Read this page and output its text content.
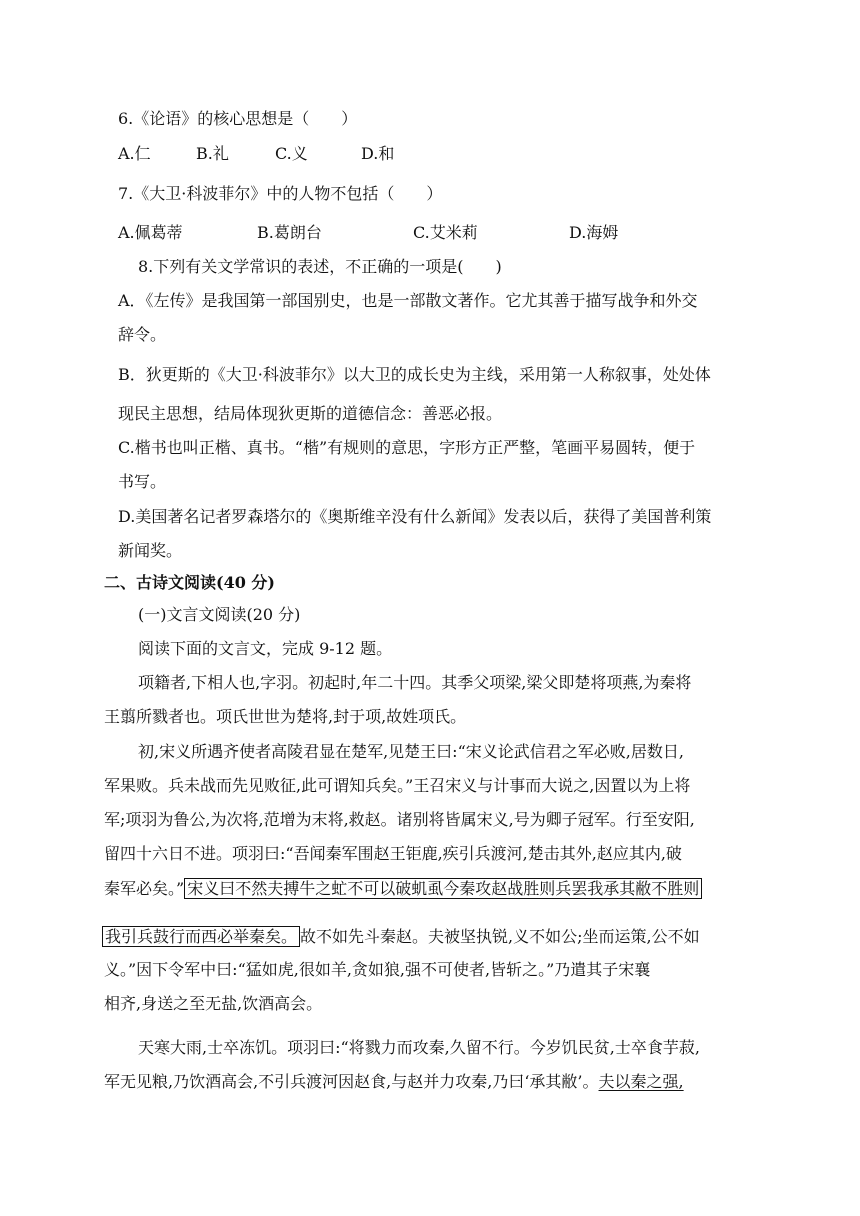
6.《论语》的核心思想是（　　）
A.仁	B.礼	C.义	D.和
7.《大卫·科波菲尔》中的人物不包括（　　）
A.佩葛蒂	B.葛朗台	C.艾米莉	D.海姆
8.下列有关文学常识的表述，不正确的一项是(　　)
A．《左传》是我国第一部国别史，也是一部散文著作。它尤其善于描写战争和外交
辞令。
B．狄更斯的《大卫·科波菲尔》以大卫的成长史为主线，采用第一人称叙事，处处体
现民主思想，结局体现狄更斯的道德信念：善恶必报。
C.楷书也叫正楷、真书。“楷”有规则的意思，字形方正严整，笔画平易圆转，便于
书写。
D.美国著名记者罗森塔尔的《奥斯维辛没有什么新闻》发表以后，获得了美国普利策
新闻奖。
二、古诗文阅读(40 分)
(一)文言文阅读(20 分)
阅读下面的文言文，完成 9-12 题。
项籍者,下相人也,字羽。初起时,年二十四。其季父项梁,梁父即楚将项燕,为秦将
王翦所戮者也。项氏世世为楚将,封于项,故姓项氏。
初,宋义所遇齐使者高陵君显在楚军,见楚王曰:“宋义论武信君之军必败,居数日,
军果败。兵未战而先见败征,此可谓知兵矣。”王召宋义与计事而大说之,因置以为上将
军;项羽为鲁公,为次将,范增为末将,救赵。诸别将皆属宋义,号为卿子冠军。行至安阳,
留四十六日不进。项羽曰:“吾闻秦军围赵王钜鹿,疾引兵渡河,楚击其外,赵应其内,破
秦军必矣。” 宋义曰不然夫搏牛之虻不可以破虮虱今秦攻赵战胜则兵罢我承其敝不胜则
我引兵鼓行而西必举秦矣。 故不如先斗秦赵。夫被坚执锐,义不如公;坐而运策,公不如
义。”因下令军中曰:“猛如虎,很如羊,贪如狼,强不可使者,皆斩之。”乃遣其子宋襄
相齐,身送之至无盐,饮酒高会。
天寒大雨,士卒冻饥。项羽曰:“将戮力而攻秦,久留不行。今岁饥民贫,士卒食芋菽,
军无见粮,乃饮酒高会,不引兵渡河因赵食,与赵并力攻秦,乃曰‘承其敝’。夫以秦之强,
